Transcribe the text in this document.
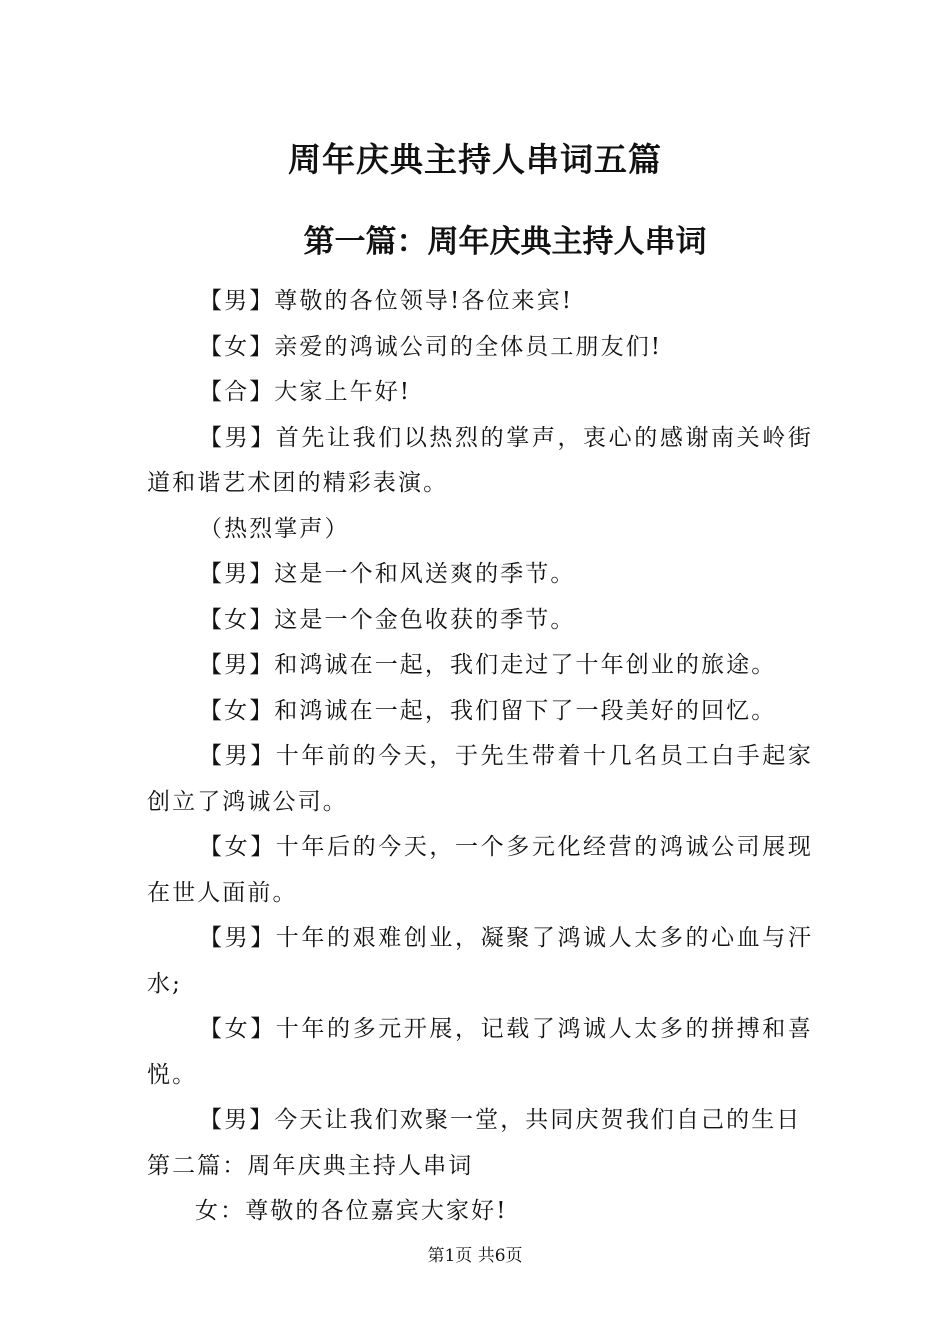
周年庆典主持人串词五篇
第一篇：周年庆典主持人串词

【男】尊敬的各位领导!各位来宾!

【女】亲爱的鸿诚公司的全体员工朋友们!

【合】大家上午好!

【男】首先让我们以热烈的掌声，衷心的感谢南关岭街道和谐艺术团的精彩表演。

（热烈掌声）

【男】这是一个和风送爽的季节。

【女】这是一个金色收获的季节。

【男】和鸿诚在一起，我们走过了十年创业的旅途。

【女】和鸿诚在一起，我们留下了一段美好的回忆。

【男】十年前的今天，于先生带着十几名员工白手起家创立了鸿诚公司。

【女】十年后的今天，一个多元化经营的鸿诚公司展现在世人面前。

【男】十年的艰难创业，凝聚了鸿诚人太多的心血与汗水;

【女】十年的多元开展，记载了鸿诚人太多的拼搏和喜悦。

【男】今天让我们欢聚一堂，共同庆贺我们自己的生日

第二篇：周年庆典主持人串词

女：尊敬的各位嘉宾大家好!

第1页 共6页
